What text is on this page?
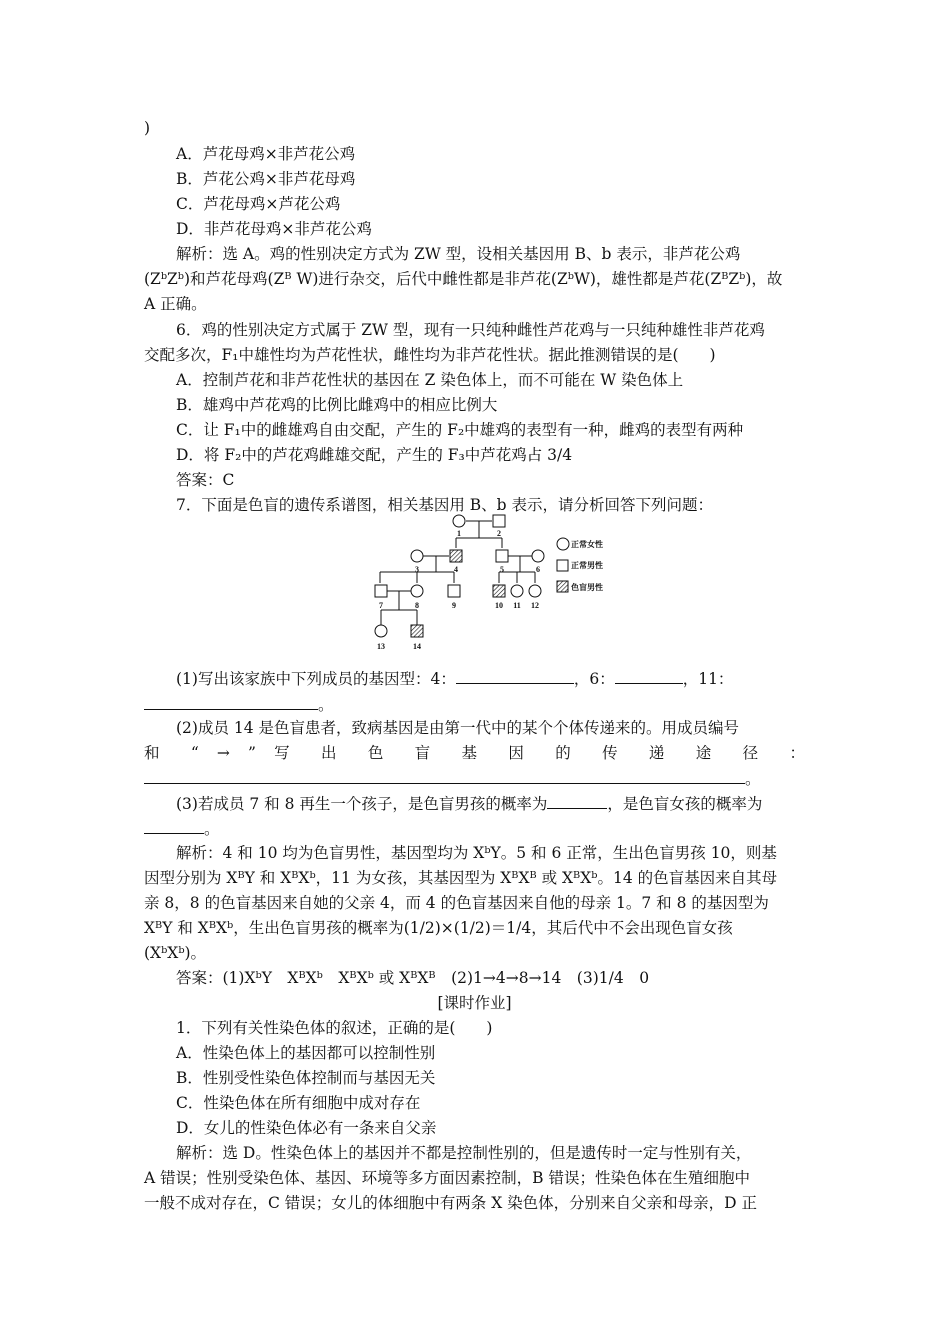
)
A．芦花母鸡×非芦花公鸡
B．芦花公鸡×非芦花母鸡
C．芦花母鸡×芦花公鸡
D．非芦花母鸡×非芦花公鸡
解析：选 A。鸡的性别决定方式为 ZW 型，设相关基因用 B、b 表示，非芦花公鸡
(ZᵇZᵇ)和芦花母鸡(Zᴮ W)进行杂交，后代中雌性都是非芦花(ZᵇW)，雄性都是芦花(ZᴮZᵇ)，故
A 正确。
6．鸡的性别决定方式属于 ZW 型，现有一只纯种雌性芦花鸡与一只纯种雄性非芦花鸡
交配多次，F₁中雄性均为芦花性状，雌性均为非芦花性状。据此推测错误的是(　　)
A．控制芦花和非芦花性状的基因在 Z 染色体上，而不可能在 W 染色体上
B．雄鸡中芦花鸡的比例比雌鸡中的相应比例大
C．让 F₁中的雌雄鸡自由交配，产生的 F₂中雄鸡的表型有一种，雌鸡的表型有两种
D．将 F₂中的芦花鸡雌雄交配，产生的 F₃中芦花鸡占 3/4
答案：C
7．下面是色盲的遗传系谱图，相关基因用 B、b 表示，请分析回答下列问题：
1	2
3	4	5	6
7	8	9	10 11 12
13	14
正常女性
正常男性
色盲男性
(1)写出该家族中下列成员的基因型：4：	，6：	，11：
。
(2)成员 14 是色盲患者，致病基因是由第一代中的某个个体传递来的。用成员编号
和 “ → ” 写 出 色 盲 基 因 的 传 递 途 径 ：
。
(3)若成员 7 和 8 再生一个孩子，是色盲男孩的概率为	，是色盲女孩的概率为
。
解析：4 和 10 均为色盲男性，基因型均为 XᵇY。5 和 6 正常，生出色盲男孩 10，则基
因型分别为 XᴮY 和 XᴮXᵇ，11 为女孩，其基因型为 XᴮXᴮ 或 XᴮXᵇ。14 的色盲基因来自其母
亲 8，8 的色盲基因来自她的父亲 4，而 4 的色盲基因来自他的母亲 1。7 和 8 的基因型为
XᴮY 和 XᴮXᵇ，生出色盲男孩的概率为(1/2)×(1/2)＝1/4，其后代中不会出现色盲女孩
(XᵇXᵇ)。
答案：(1)XᵇY　XᴮXᵇ　XᴮXᵇ 或 XᴮXᴮ　(2)1→4→8→14　(3)1/4　0
[课时作业]
1．下列有关性染色体的叙述，正确的是(　　)
A．性染色体上的基因都可以控制性别
B．性别受性染色体控制而与基因无关
C．性染色体在所有细胞中成对存在
D．女儿的性染色体必有一条来自父亲
解析：选 D。性染色体上的基因并不都是控制性别的，但是遗传时一定与性别有关，
A 错误；性别受染色体、基因、环境等多方面因素控制，B 错误；性染色体在生殖细胞中
一般不成对存在，C 错误；女儿的体细胞中有两条 X 染色体，分别来自父亲和母亲，D 正
